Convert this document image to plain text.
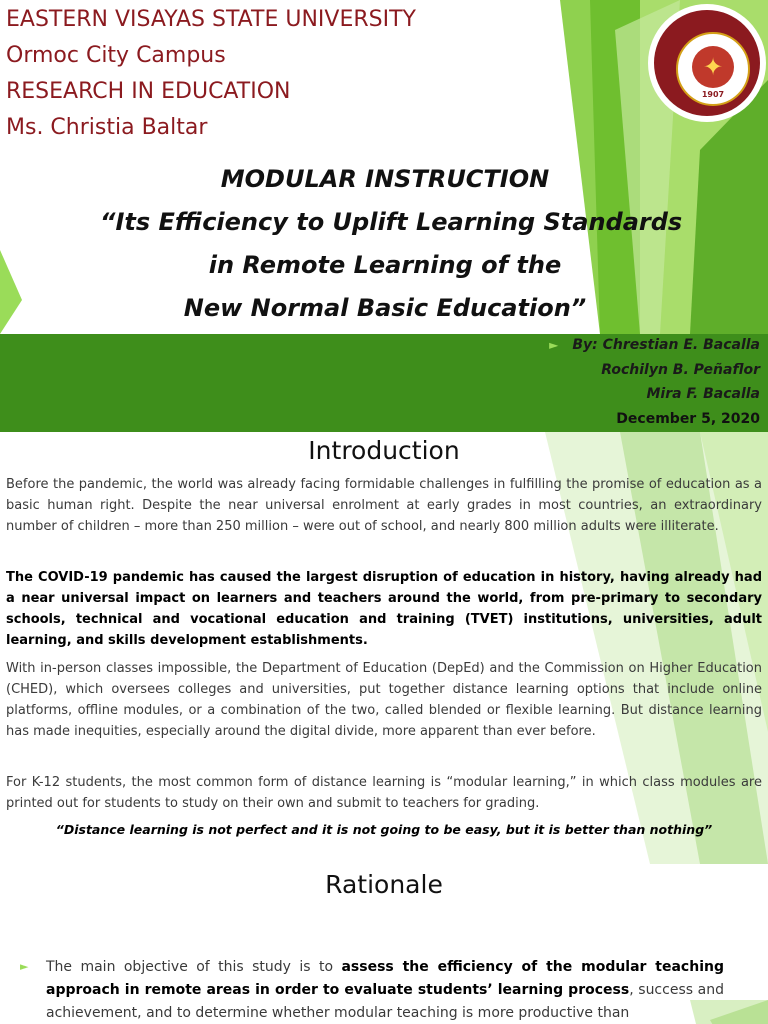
EASTERN VISAYAS STATE UNIVERSITY
Ormoc City Campus
RESEARCH IN EDUCATION
Ms. Christia Baltar
✦
1907
MODULAR INSTRUCTION
“Its Efficiency to Uplift Learning Standards
in Remote Learning of the
New Normal Basic Education”
► By: Chrestian E. Bacalla
Rochilyn B. Peñaflor
Mira F. Bacalla
December 5, 2020
Introduction
Before the pandemic, the world was already facing formidable challenges in fulfilling the promise of education as a basic human right. Despite the near universal enrolment at early grades in most countries, an extraordinary number of children – more than 250 million – were out of school, and nearly 800 million adults were illiterate.
The COVID-19 pandemic has caused the largest disruption of education in history, having already had a near universal impact on learners and teachers around the world, from pre-primary to secondary schools, technical and vocational education and training (TVET) institutions, universities, adult learning, and skills development establishments.
With in-person classes impossible, the Department of Education (DepEd) and the Commission on Higher Education (CHED), which oversees colleges and universities, put together distance learning options that include online platforms, offline modules, or a combination of the two, called blended or flexible learning. But distance learning has made inequities, especially around the digital divide, more apparent than ever before.
For K-12 students, the most common form of distance learning is “modular learning,” in which class modules are printed out for students to study on their own and submit to teachers for grading.
“Distance learning is not perfect and it is not going to be easy, but it is better than nothing”
Rationale
► The main objective of this study is to assess the efficiency of the modular teaching approach in remote areas in order to evaluate students’ learning process, success and achievement, and to determine whether modular teaching is more productive than
